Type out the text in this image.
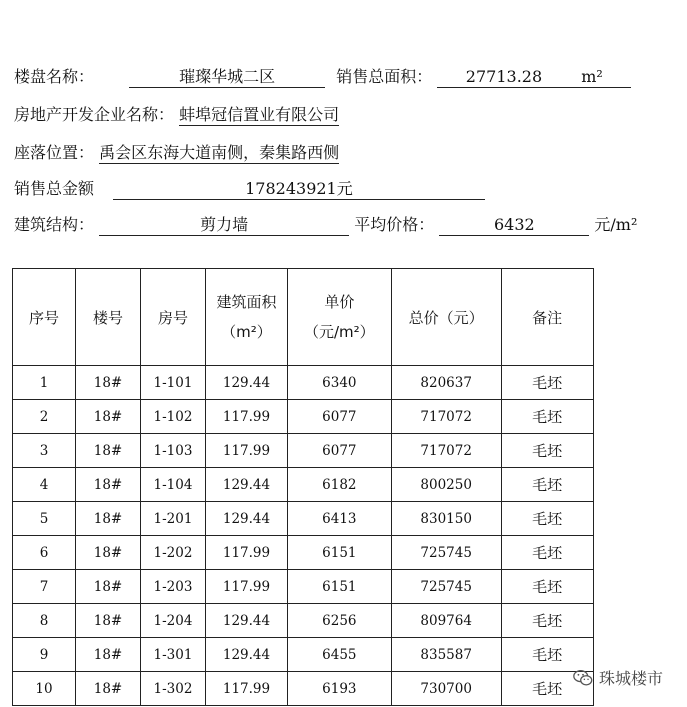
楼盘名称：	璀璨华城二区	销售总面积： 27713.28 m²
房地产开发企业名称： 蚌埠冠信置业有限公司
座落位置： 禹会区东海大道南侧，秦集路西侧
销售总金额	178243921元
建筑结构：	剪力墙	平均价格：	6432	元/m²
序号	楼号	房号	建筑面积（m²）	单价（元/m²）	总价（元）	备注
1	18#	1-101	129.44	6340	820637	毛坯
2	18#	1-102	117.99	6077	717072	毛坯
3	18#	1-103	117.99	6077	717072	毛坯
4	18#	1-104	129.44	6182	800250	毛坯
5	18#	1-201	129.44	6413	830150	毛坯
6	18#	1-202	117.99	6151	725745	毛坯
7	18#	1-203	117.99	6151	725745	毛坯
8	18#	1-204	129.44	6256	809764	毛坯
9	18#	1-301	129.44	6455	835587	毛坯
10	18#	1-302	117.99	6193	730700	毛坯
珠城楼市
